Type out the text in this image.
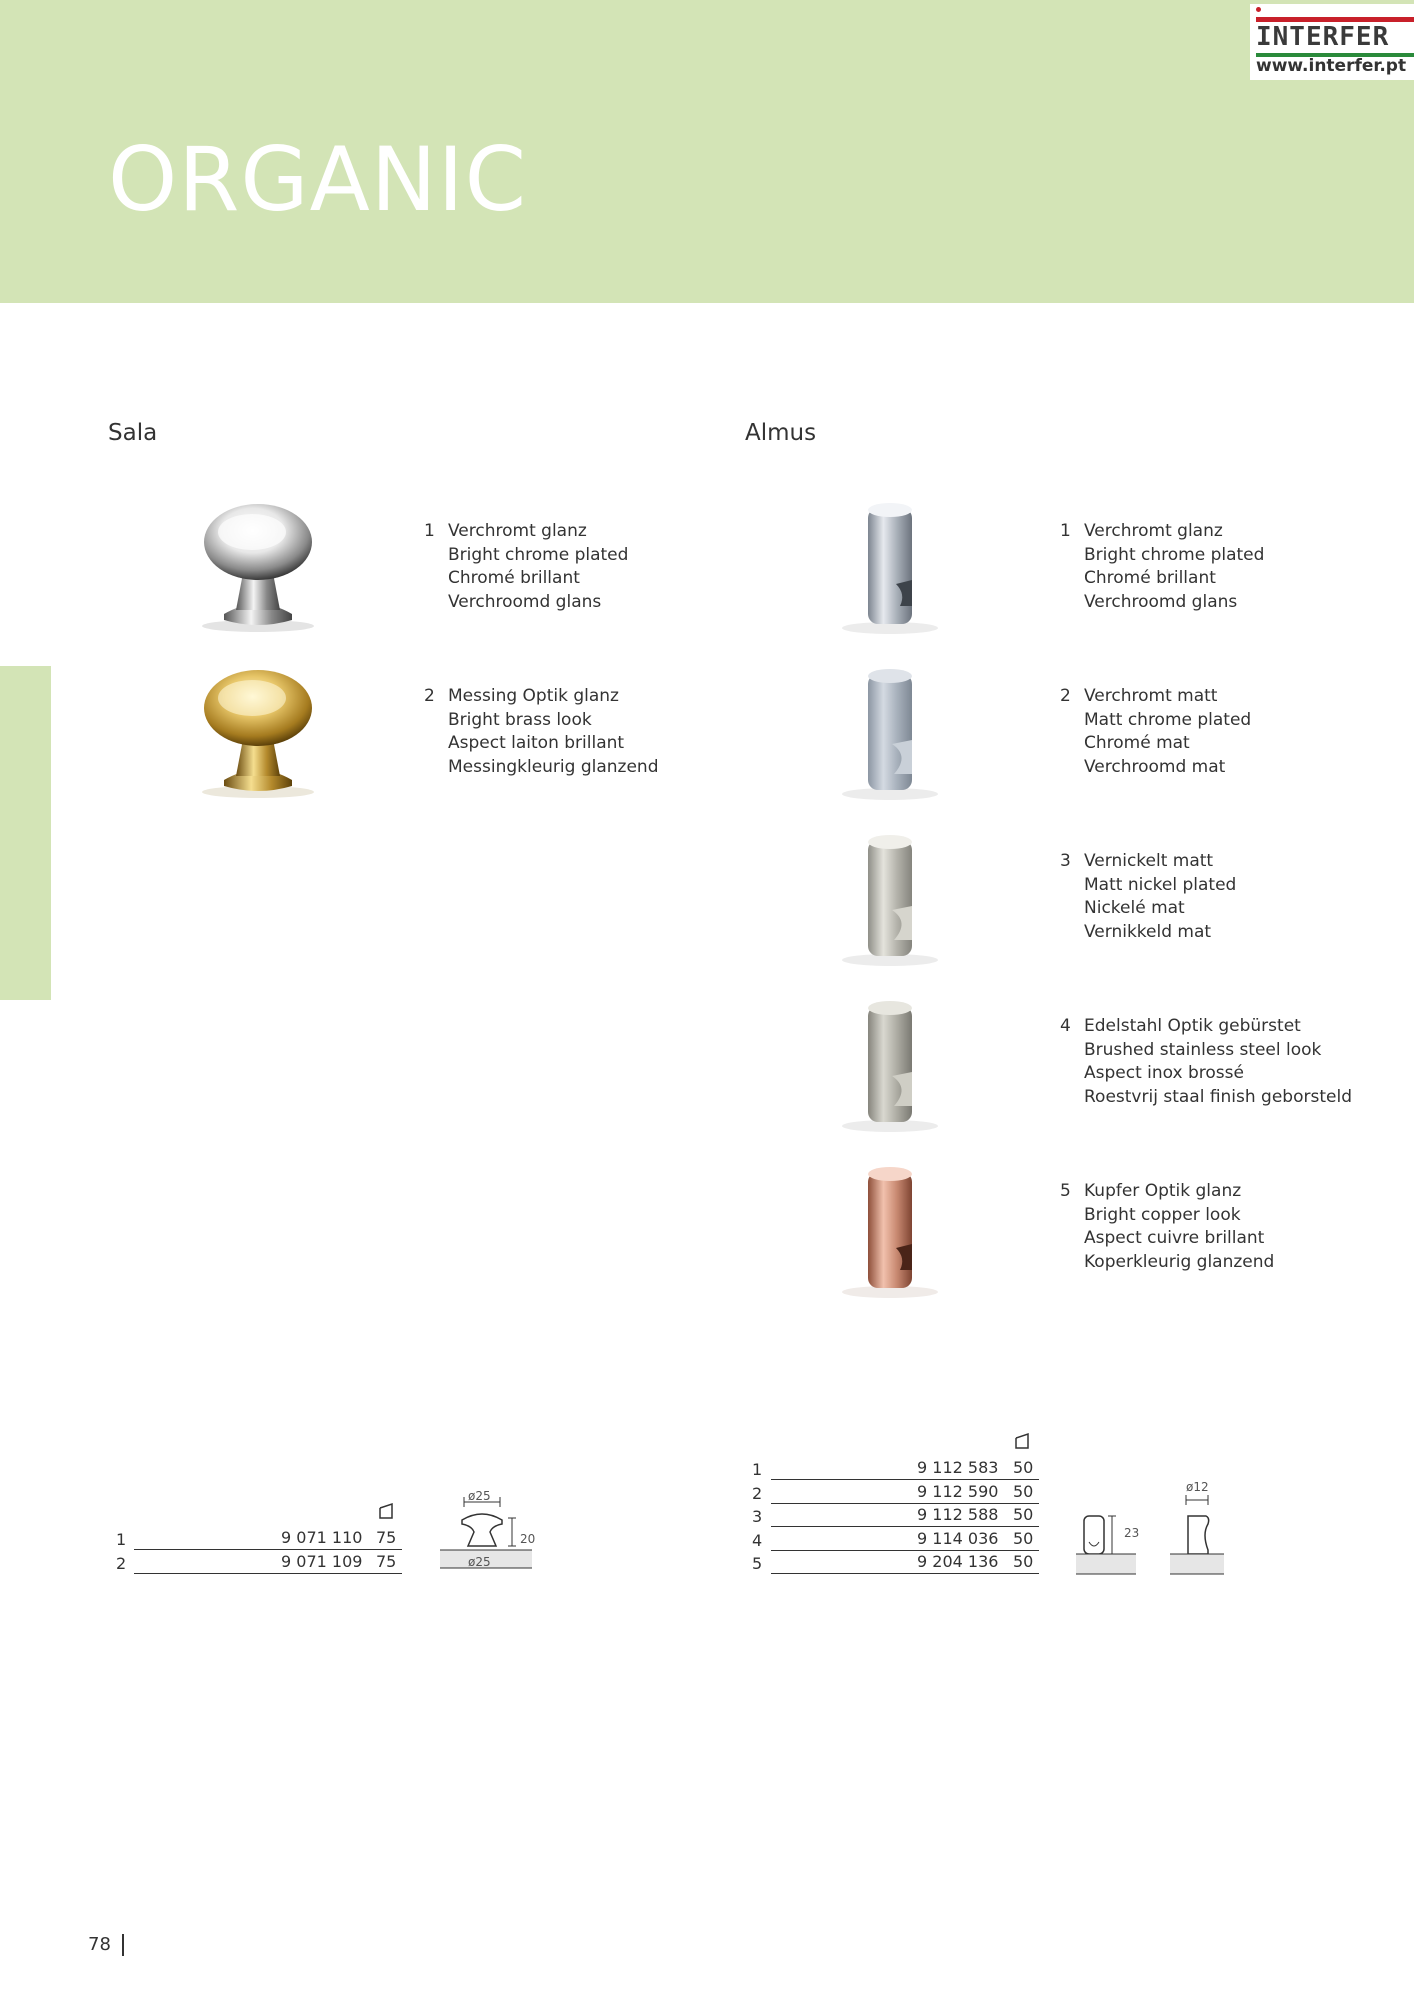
ORGANIC
INTERFER
www.interfer.pt
Sala	Almus
1 Verchromt glanz
Bright chrome plated
Chromé brillant
Verchroomd glans
2 Messing Optik glanz
Bright brass look
Aspect laiton brillant
Messingkleurig glanzend
1 Verchromt glanz
Bright chrome plated
Chromé brillant
Verchroomd glans
2 Verchromt matt
Matt chrome plated
Chromé mat
Verchroomd mat
3 Vernickelt matt
Matt nickel plated
Nickelé mat
Vernikkeld mat
4 Edelstahl Optik gebürstet
Brushed stainless steel look
Aspect inox brossé
Roestvrij staal finish geborsteld
5 Kupfer Optik glanz
Bright copper look
Aspect cuivre brillant
Koperkleurig glanzend
1	9 071 110 75
2	9 071 109 75
ø25
20
ø25
1	9 112 583 50
2	9 112 590 50
3	9 112 588 50
4	9 114 036 50
5	9 204 136 50
23
ø12
78
